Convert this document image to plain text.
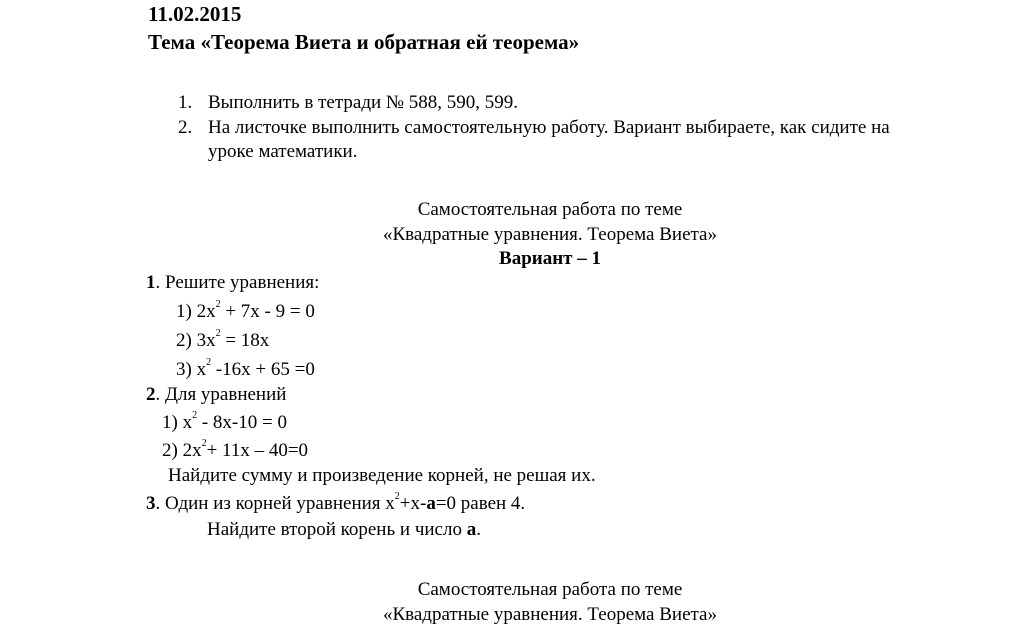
11.02.2015
Тема «Теорема Виета и обратная ей теорема»
1. Выполнить в тетради № 588, 590, 599.
2. На листочке выполнить самостоятельную работу. Вариант выбираете, как сидите на
уроке математики.
Самостоятельная работа по теме
«Квадратные уравнения. Теорема Виета»
Вариант – 1
1. Решите уравнения:
1) $2x^2 + 7x - 9 = 0$
2) $3x^2 = 18x$
3) $x^2$ -16x + 65 =0
2. Для уравнений
1) $x^2 - 8x-10 = 0$
2) $2x^2+ 11x - 40=0$
Найдите сумму и произведение корней, не решая их.
3. Один из корней уравнения $x^2+x-а=0$ равен 4.
Найдите второй корень и число а.
Самостоятельная работа по теме
«Квадратные уравнения. Теорема Виета»
